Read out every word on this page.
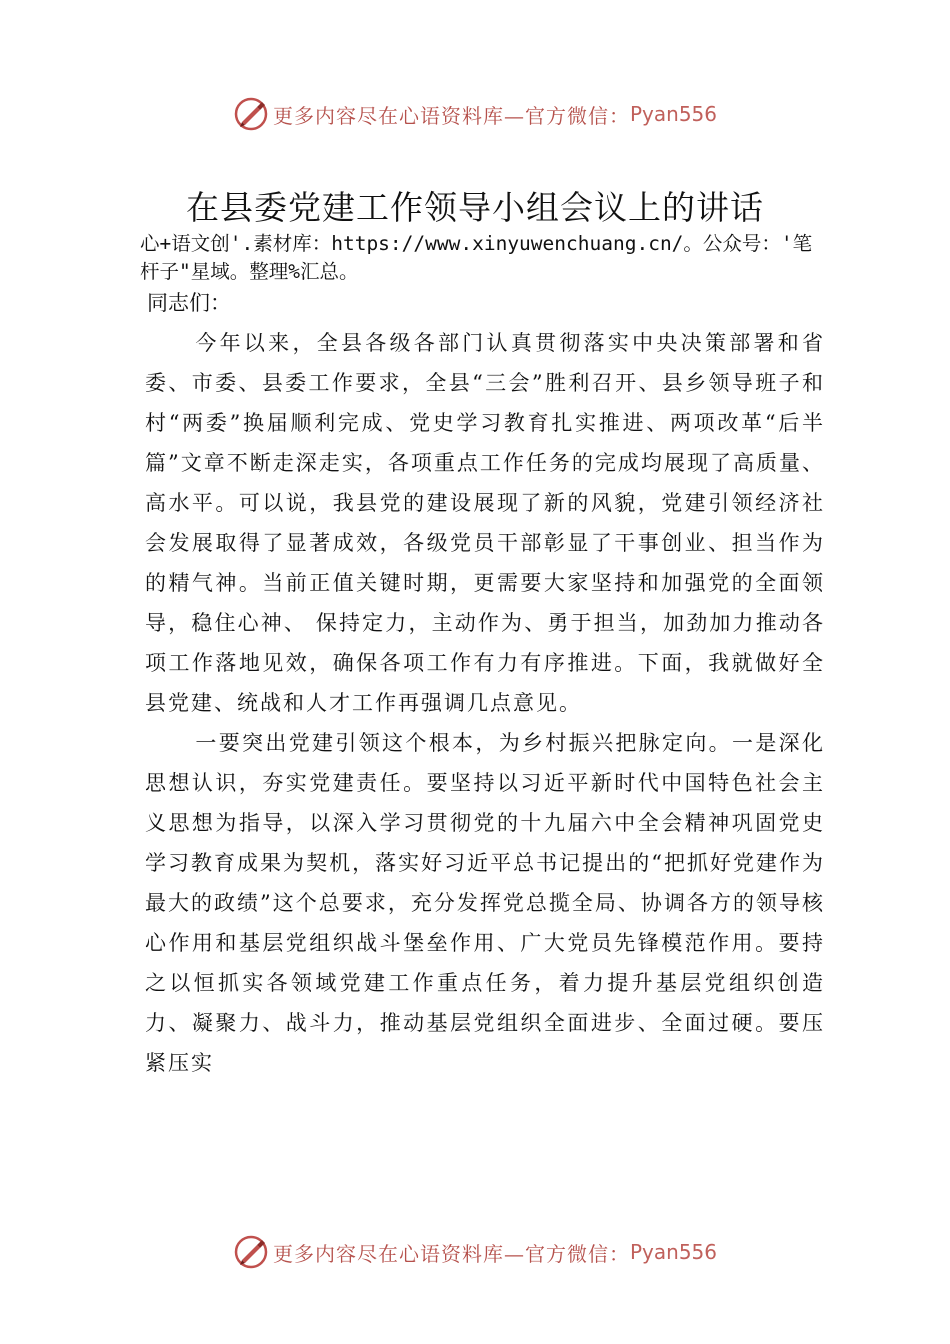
更多内容尽在心语资料库—官方微信： Pyan556
在县委党建工作领导小组会议上的讲话
心+语文创'.素材库：https://www.xinyuwenchuang.cn/。公众号：'笔杆子"星域。整理%汇总。
同志们：

今年以来，全县各级各部门认真贯彻落实中央决策部署和省委、市委、县委工作要求，全县“三会”胜利召开、县乡领导班子和村“两委”换届顺利完成、党史学习教育扎实推进、两项改革“后半篇”文章不断走深走实，各项重点工作任务的完成均展现了高质量、高水平。可以说，我县党的建设展现了新的风貌，党建引领经济社会发展取得了显著成效，各级党员干部彰显了干事创业、担当作为的精气神。当前正值关键时期，更需要大家坚持和加强党的全面领导，稳住心神、 保持定力，主动作为、勇于担当，加劲加力推动各项工作落地见效，确保各项工作有力有序推进。下面，我就做好全县党建、统战和人才工作再强调几点意见。

一要突出党建引领这个根本，为乡村振兴把脉定向。一是深化思想认识，夯实党建责任。要坚持以习近平新时代中国特色社会主义思想为指导，以深入学习贯彻党的十九届六中全会精神巩固党史学习教育成果为契机，落实好习近平总书记提出的“把抓好党建作为最大的政绩”这个总要求，充分发挥党总揽全局、协调各方的领导核心作用和基层党组织战斗堡垒作用、广大党员先锋模范作用。要持之以恒抓实各领域党建工作重点任务，着力提升基层党组织创造力、凝聚力、战斗力，推动基层党组织全面进步、全面过硬。要压紧压实

更多内容尽在心语资料库—官方微信： Pyan556
